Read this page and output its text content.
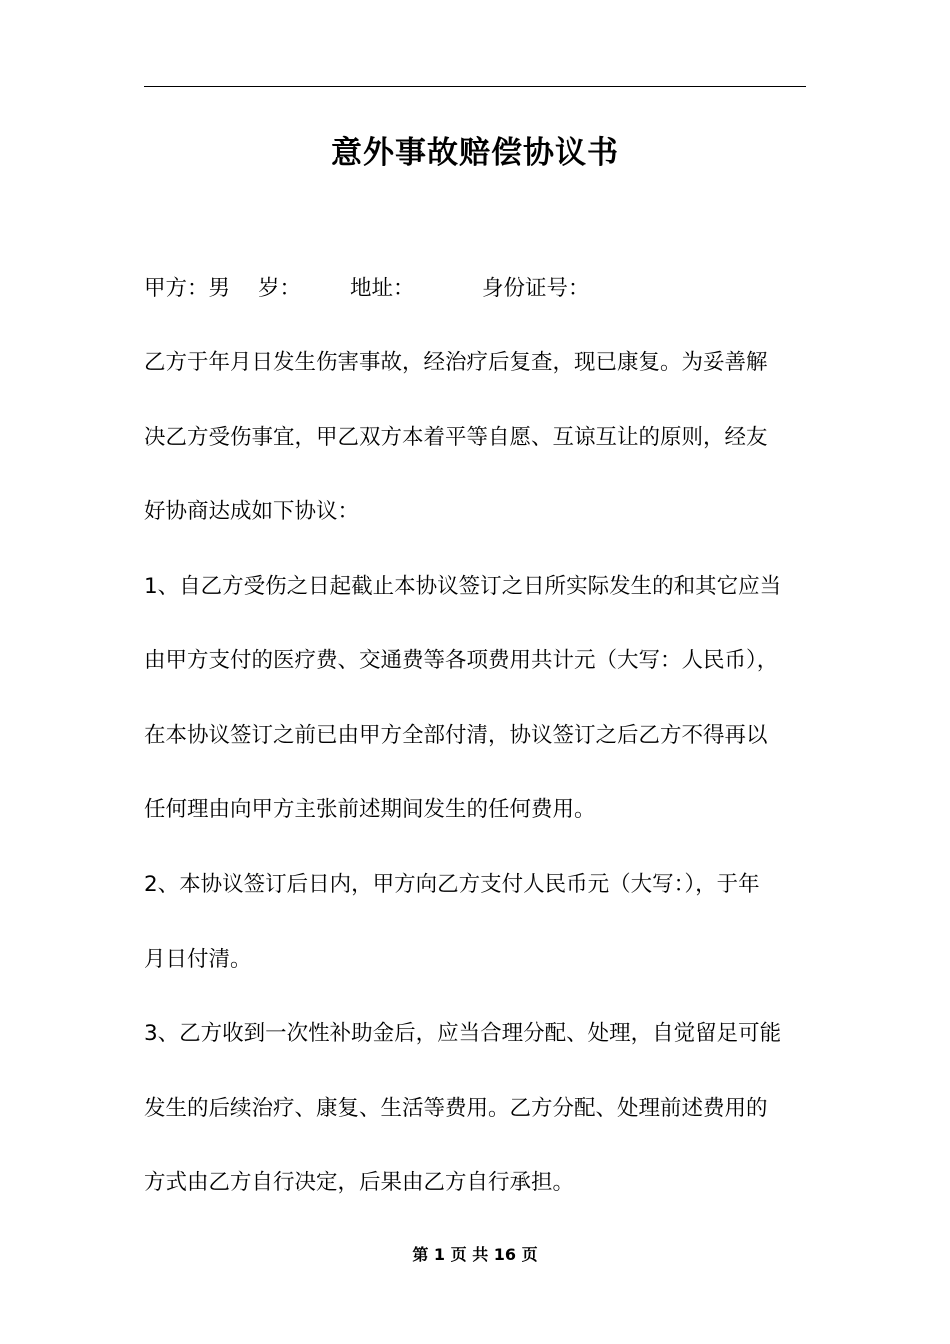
意外事故赔偿协议书
甲方：男 岁： 地址：	身份证号：
乙方于年月日发生伤害事故，经治疗后复查，现已康复。为妥善解
决乙方受伤事宜，甲乙双方本着平等自愿、互谅互让的原则，经友
好协商达成如下协议：
1、自乙方受伤之日起截止本协议签订之日所实际发生的和其它应当
由甲方支付的医疗费、交通费等各项费用共计元（大写：人民币），
在本协议签订之前已由甲方全部付清，协议签订之后乙方不得再以
任何理由向甲方主张前述期间发生的任何费用。
2、本协议签订后日内，甲方向乙方支付人民币元（大写：），于年
月日付清。
3、乙方收到一次性补助金后，应当合理分配、处理，自觉留足可能
发生的后续治疗、康复、生活等费用。乙方分配、处理前述费用的
方式由乙方自行决定，后果由乙方自行承担。
第 1 页 共 16 页
